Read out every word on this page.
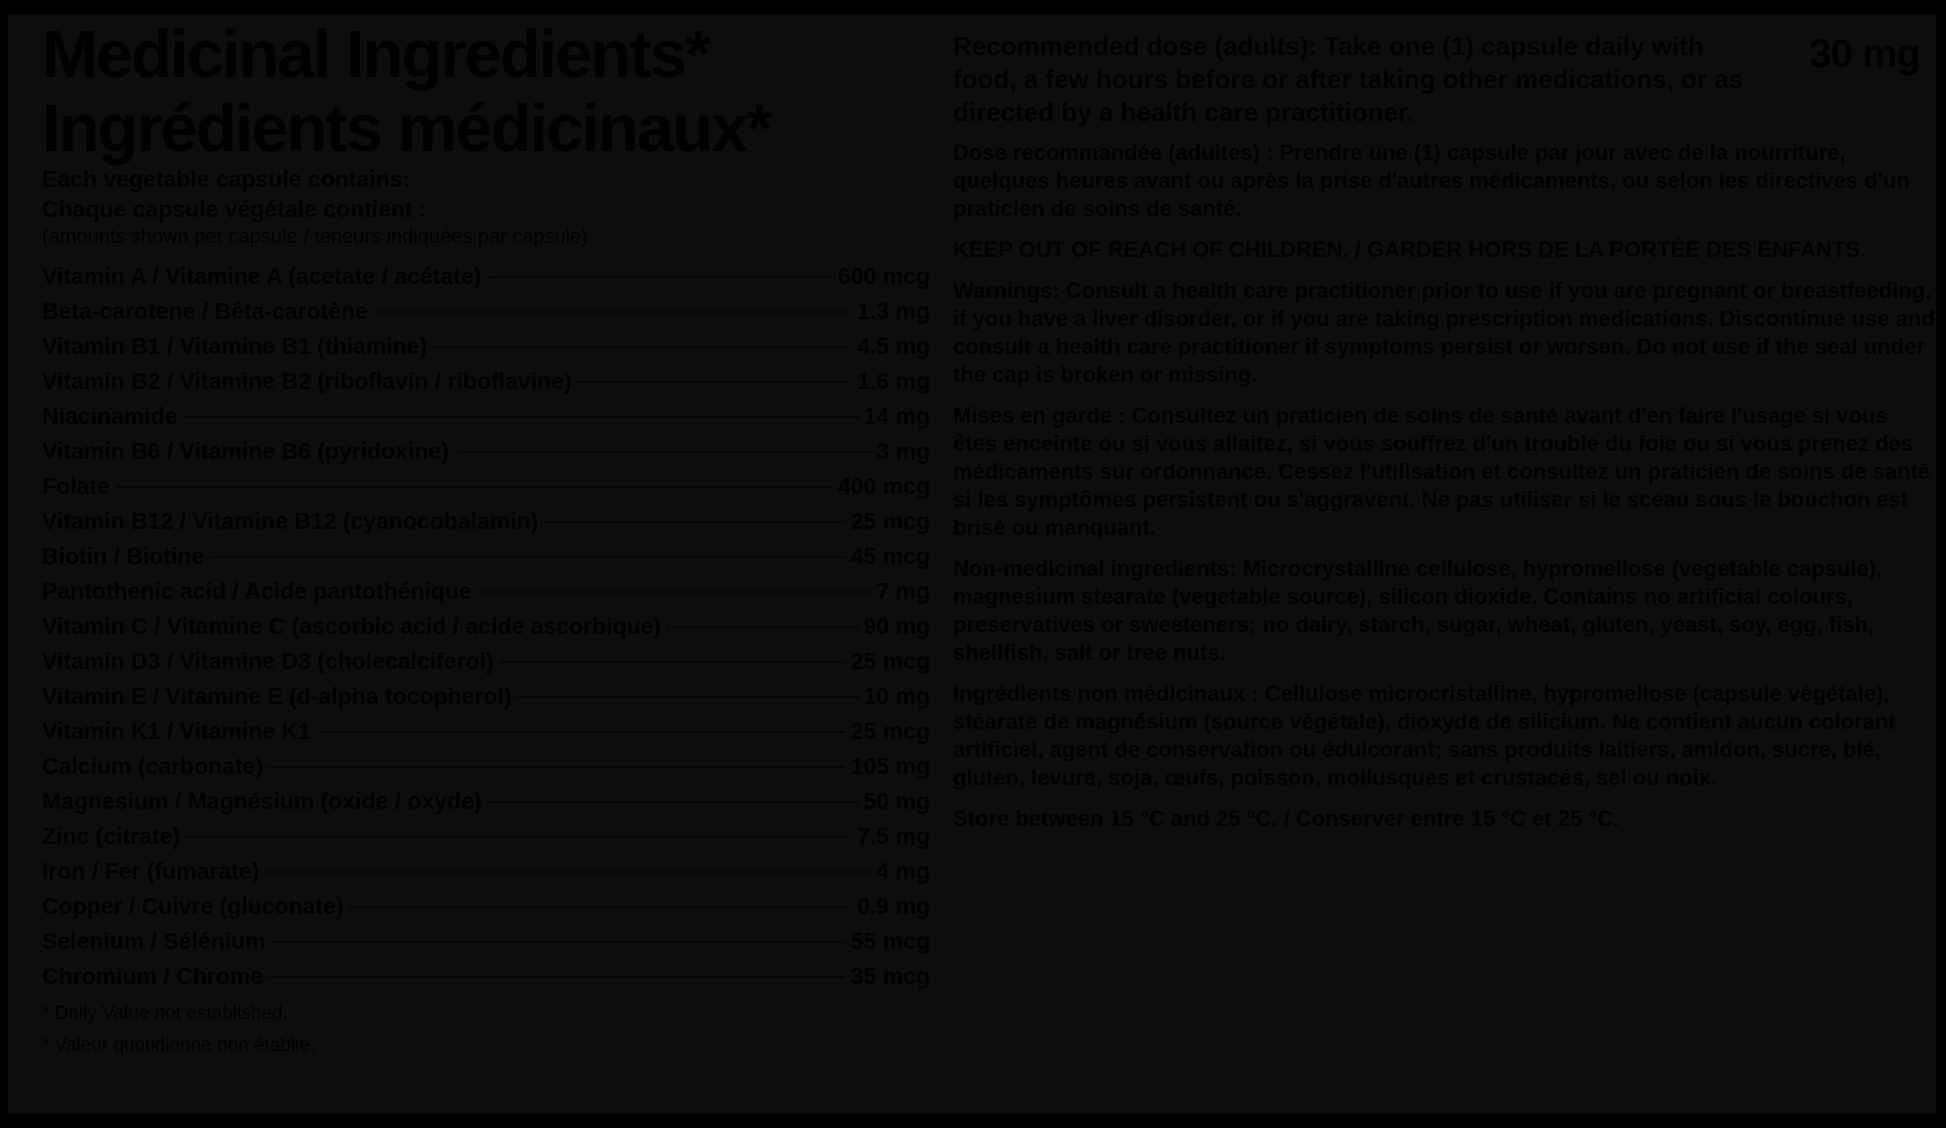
Medicinal Ingredients*
Ingrédients médicinaux*

Each vegetable capsule contains:

Chaque capsule végétale contient :

(amounts shown per capsule / teneurs indiquées par capsule)

Vitamin A / Vitamine A (acetate / acétate)	600 mcg
Beta-carotene / Bêta-carotène	1.3 mg
Vitamin B1 / Vitamine B1 (thiamine)	4.5 mg
Vitamin B2 / Vitamine B2 (riboflavin / riboflavine)	1.6 mg
Niacinamide	14 mg
Vitamin B6 / Vitamine B6 (pyridoxine)	3 mg
Folate	400 mcg
Vitamin B12 / Vitamine B12 (cyanocobalamin)	25 mcg
Biotin / Biotine	45 mcg
Pantothenic acid / Acide pantothénique	7 mg
Vitamin C / Vitamine C (ascorbic acid / acide ascorbique)	90 mg
Vitamin D3 / Vitamine D3 (cholecalciferol)	25 mcg
Vitamin E / Vitamine E (d-alpha tocopherol)	10 mg
Vitamin K1 / Vitamine K1	25 mcg
Calcium (carbonate)	105 mg
Magnesium / Magnésium (oxide / oxyde)	50 mg
Zinc (citrate)	7.5 mg
Iron / Fer (fumarate)	4 mg
Copper / Cuivre (gluconate)	0.9 mg
Selenium / Sélénium	55 mcg
Chromium / Chrome	35 mcg

* Daily Value not established.

* Valeur quotidienne non établie.

30 mg

Recommended dose (adults): Take one (1) capsule daily with food, a few hours before or after taking other medications, or as directed by a health care practitioner.

Dose recommandée (adultes) : Prendre une (1) capsule par jour avec de la nourriture, quelques heures avant ou après la prise d'autres médicaments, ou selon les directives d'un praticien de soins de santé.

KEEP OUT OF REACH OF CHILDREN. / GARDER HORS DE LA PORTÉE DES ENFANTS.

Warnings: Consult a health care practitioner prior to use if you are pregnant or breastfeeding, if you have a liver disorder, or if you are taking prescription medications. Discontinue use and consult a health care practitioner if symptoms persist or worsen. Do not use if the seal under the cap is broken or missing.

Mises en garde : Consultez un praticien de soins de santé avant d'en faire l'usage si vous êtes enceinte ou si vous allaitez, si vous souffrez d'un trouble du foie ou si vous prenez des médicaments sur ordonnance. Cessez l'utilisation et consultez un praticien de soins de santé si les symptômes persistent ou s'aggravent. Ne pas utiliser si le sceau sous le bouchon est brisé ou manquant.

Non-medicinal ingredients: Microcrystalline cellulose, hypromellose (vegetable capsule), magnesium stearate (vegetable source), silicon dioxide. Contains no artificial colours, preservatives or sweeteners; no dairy, starch, sugar, wheat, gluten, yeast, soy, egg, fish, shellfish, salt or tree nuts.

Ingrédients non médicinaux : Cellulose microcristalline, hypromellose (capsule végétale), stéarate de magnésium (source végétale), dioxyde de silicium. Ne contient aucun colorant artificiel, agent de conservation ou édulcorant; sans produits laitiers, amidon, sucre, blé, gluten, levure, soja, œufs, poisson, mollusques et crustacés, sel ou noix.

Store between 15 °C and 25 °C. / Conserver entre 15 °C et 25 °C.
